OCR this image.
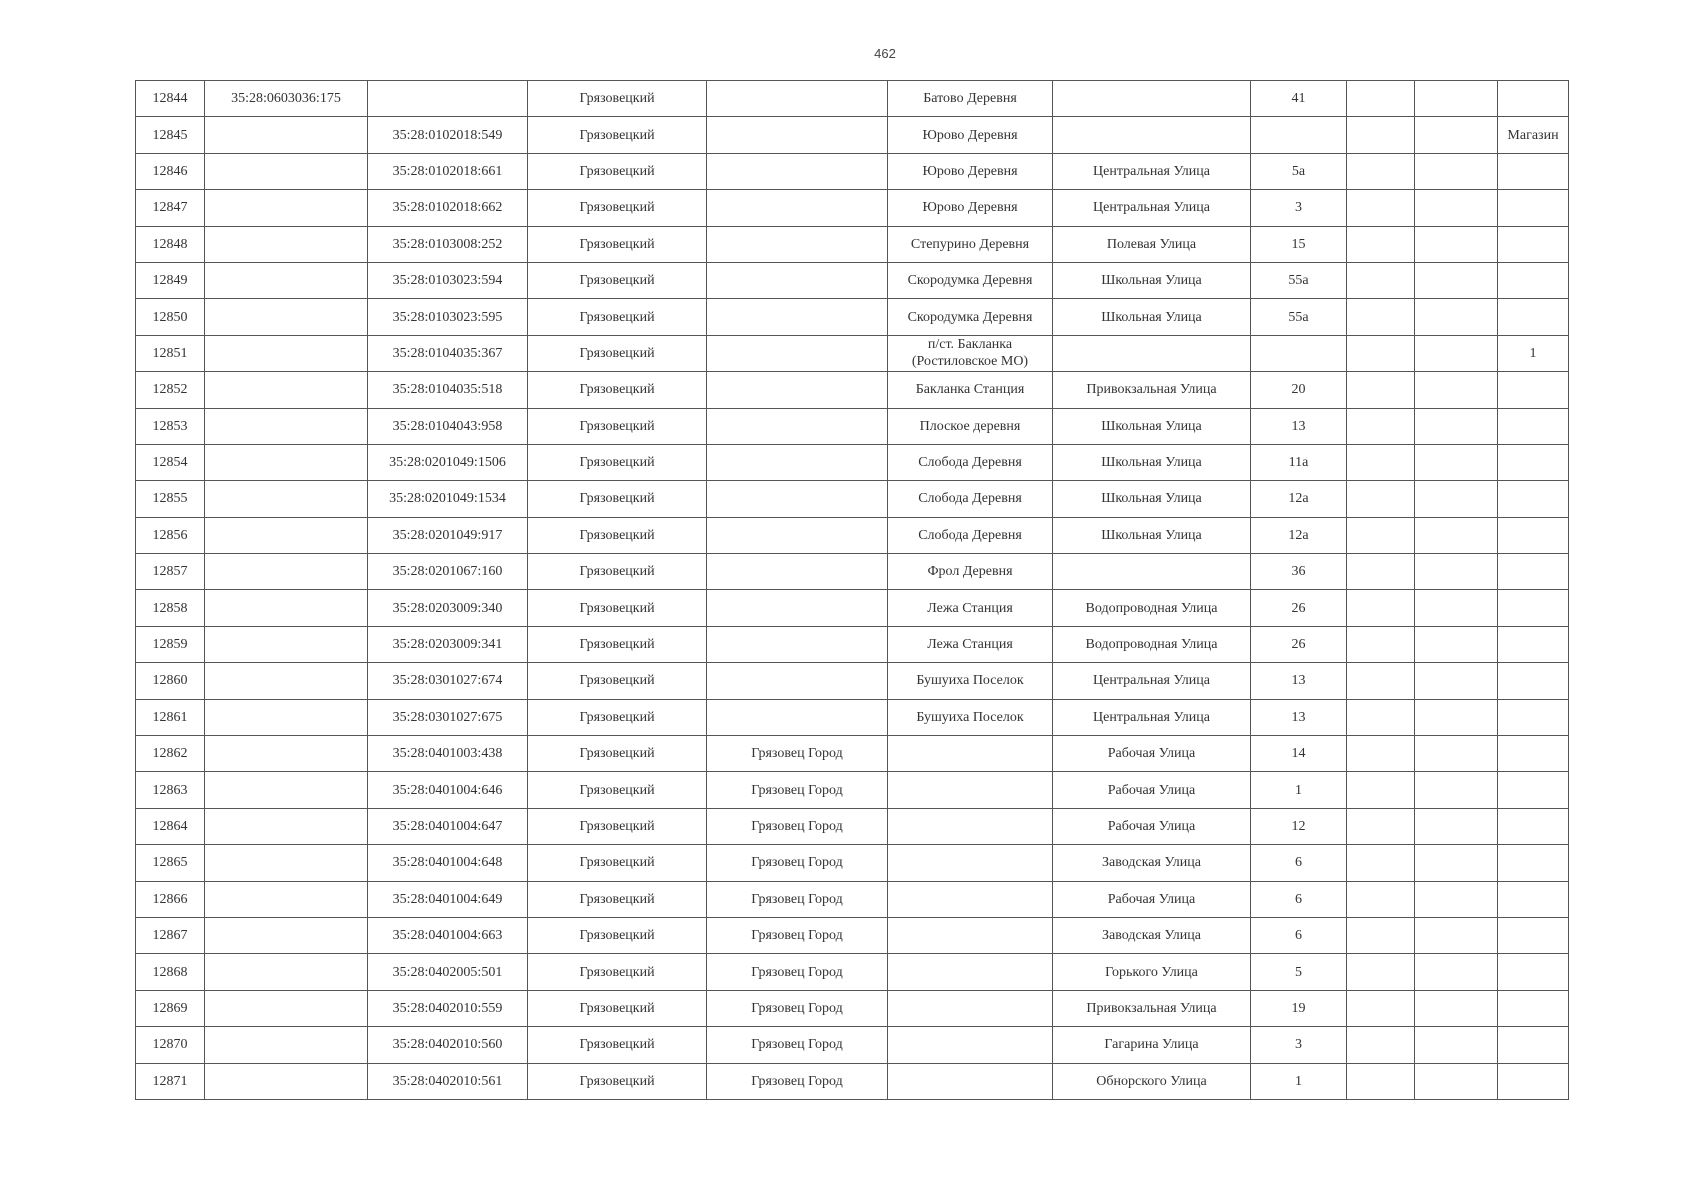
462
12844	35:28:0603036:175		Грязовецкий		Батово Деревня		41			
12845		35:28:0102018:549	Грязовецкий		Юрово Деревня					Магазин
12846		35:28:0102018:661	Грязовецкий		Юрово Деревня	Центральная Улица	5а			
12847		35:28:0102018:662	Грязовецкий		Юрово Деревня	Центральная Улица	3			
12848		35:28:0103008:252	Грязовецкий		Степурино Деревня	Полевая Улица	15			
12849		35:28:0103023:594	Грязовецкий		Скородумка Деревня	Школьная Улица	55а			
12850		35:28:0103023:595	Грязовецкий		Скородумка Деревня	Школьная Улица	55а			
12851		35:28:0104035:367	Грязовецкий		п/ст. Бакланка (Ростиловское МО)					1
12852		35:28:0104035:518	Грязовецкий		Бакланка Станция	Привокзальная Улица	20			
12853		35:28:0104043:958	Грязовецкий		Плоское деревня	Школьная Улица	13			
12854		35:28:0201049:1506	Грязовецкий		Слобода Деревня	Школьная Улица	11а			
12855		35:28:0201049:1534	Грязовецкий		Слобода Деревня	Школьная Улица	12а			
12856		35:28:0201049:917	Грязовецкий		Слобода Деревня	Школьная Улица	12а			
12857		35:28:0201067:160	Грязовецкий		Фрол Деревня		36			
12858		35:28:0203009:340	Грязовецкий		Лежа Станция	Водопроводная Улица	26			
12859		35:28:0203009:341	Грязовецкий		Лежа Станция	Водопроводная Улица	26			
12860		35:28:0301027:674	Грязовецкий		Бушуиха Поселок	Центральная Улица	13			
12861		35:28:0301027:675	Грязовецкий		Бушуиха Поселок	Центральная Улица	13			
12862		35:28:0401003:438	Грязовецкий	Грязовец Город		Рабочая Улица	14			
12863		35:28:0401004:646	Грязовецкий	Грязовец Город		Рабочая Улица	1			
12864		35:28:0401004:647	Грязовецкий	Грязовец Город		Рабочая Улица	12			
12865		35:28:0401004:648	Грязовецкий	Грязовец Город		Заводская Улица	6			
12866		35:28:0401004:649	Грязовецкий	Грязовец Город		Рабочая Улица	6			
12867		35:28:0401004:663	Грязовецкий	Грязовец Город		Заводская Улица	6			
12868		35:28:0402005:501	Грязовецкий	Грязовец Город		Горького Улица	5			
12869		35:28:0402010:559	Грязовецкий	Грязовец Город		Привокзальная Улица	19			
12870		35:28:0402010:560	Грязовецкий	Грязовец Город		Гагарина Улица	3			
12871		35:28:0402010:561	Грязовецкий	Грязовец Город		Обнорского Улица	1			
